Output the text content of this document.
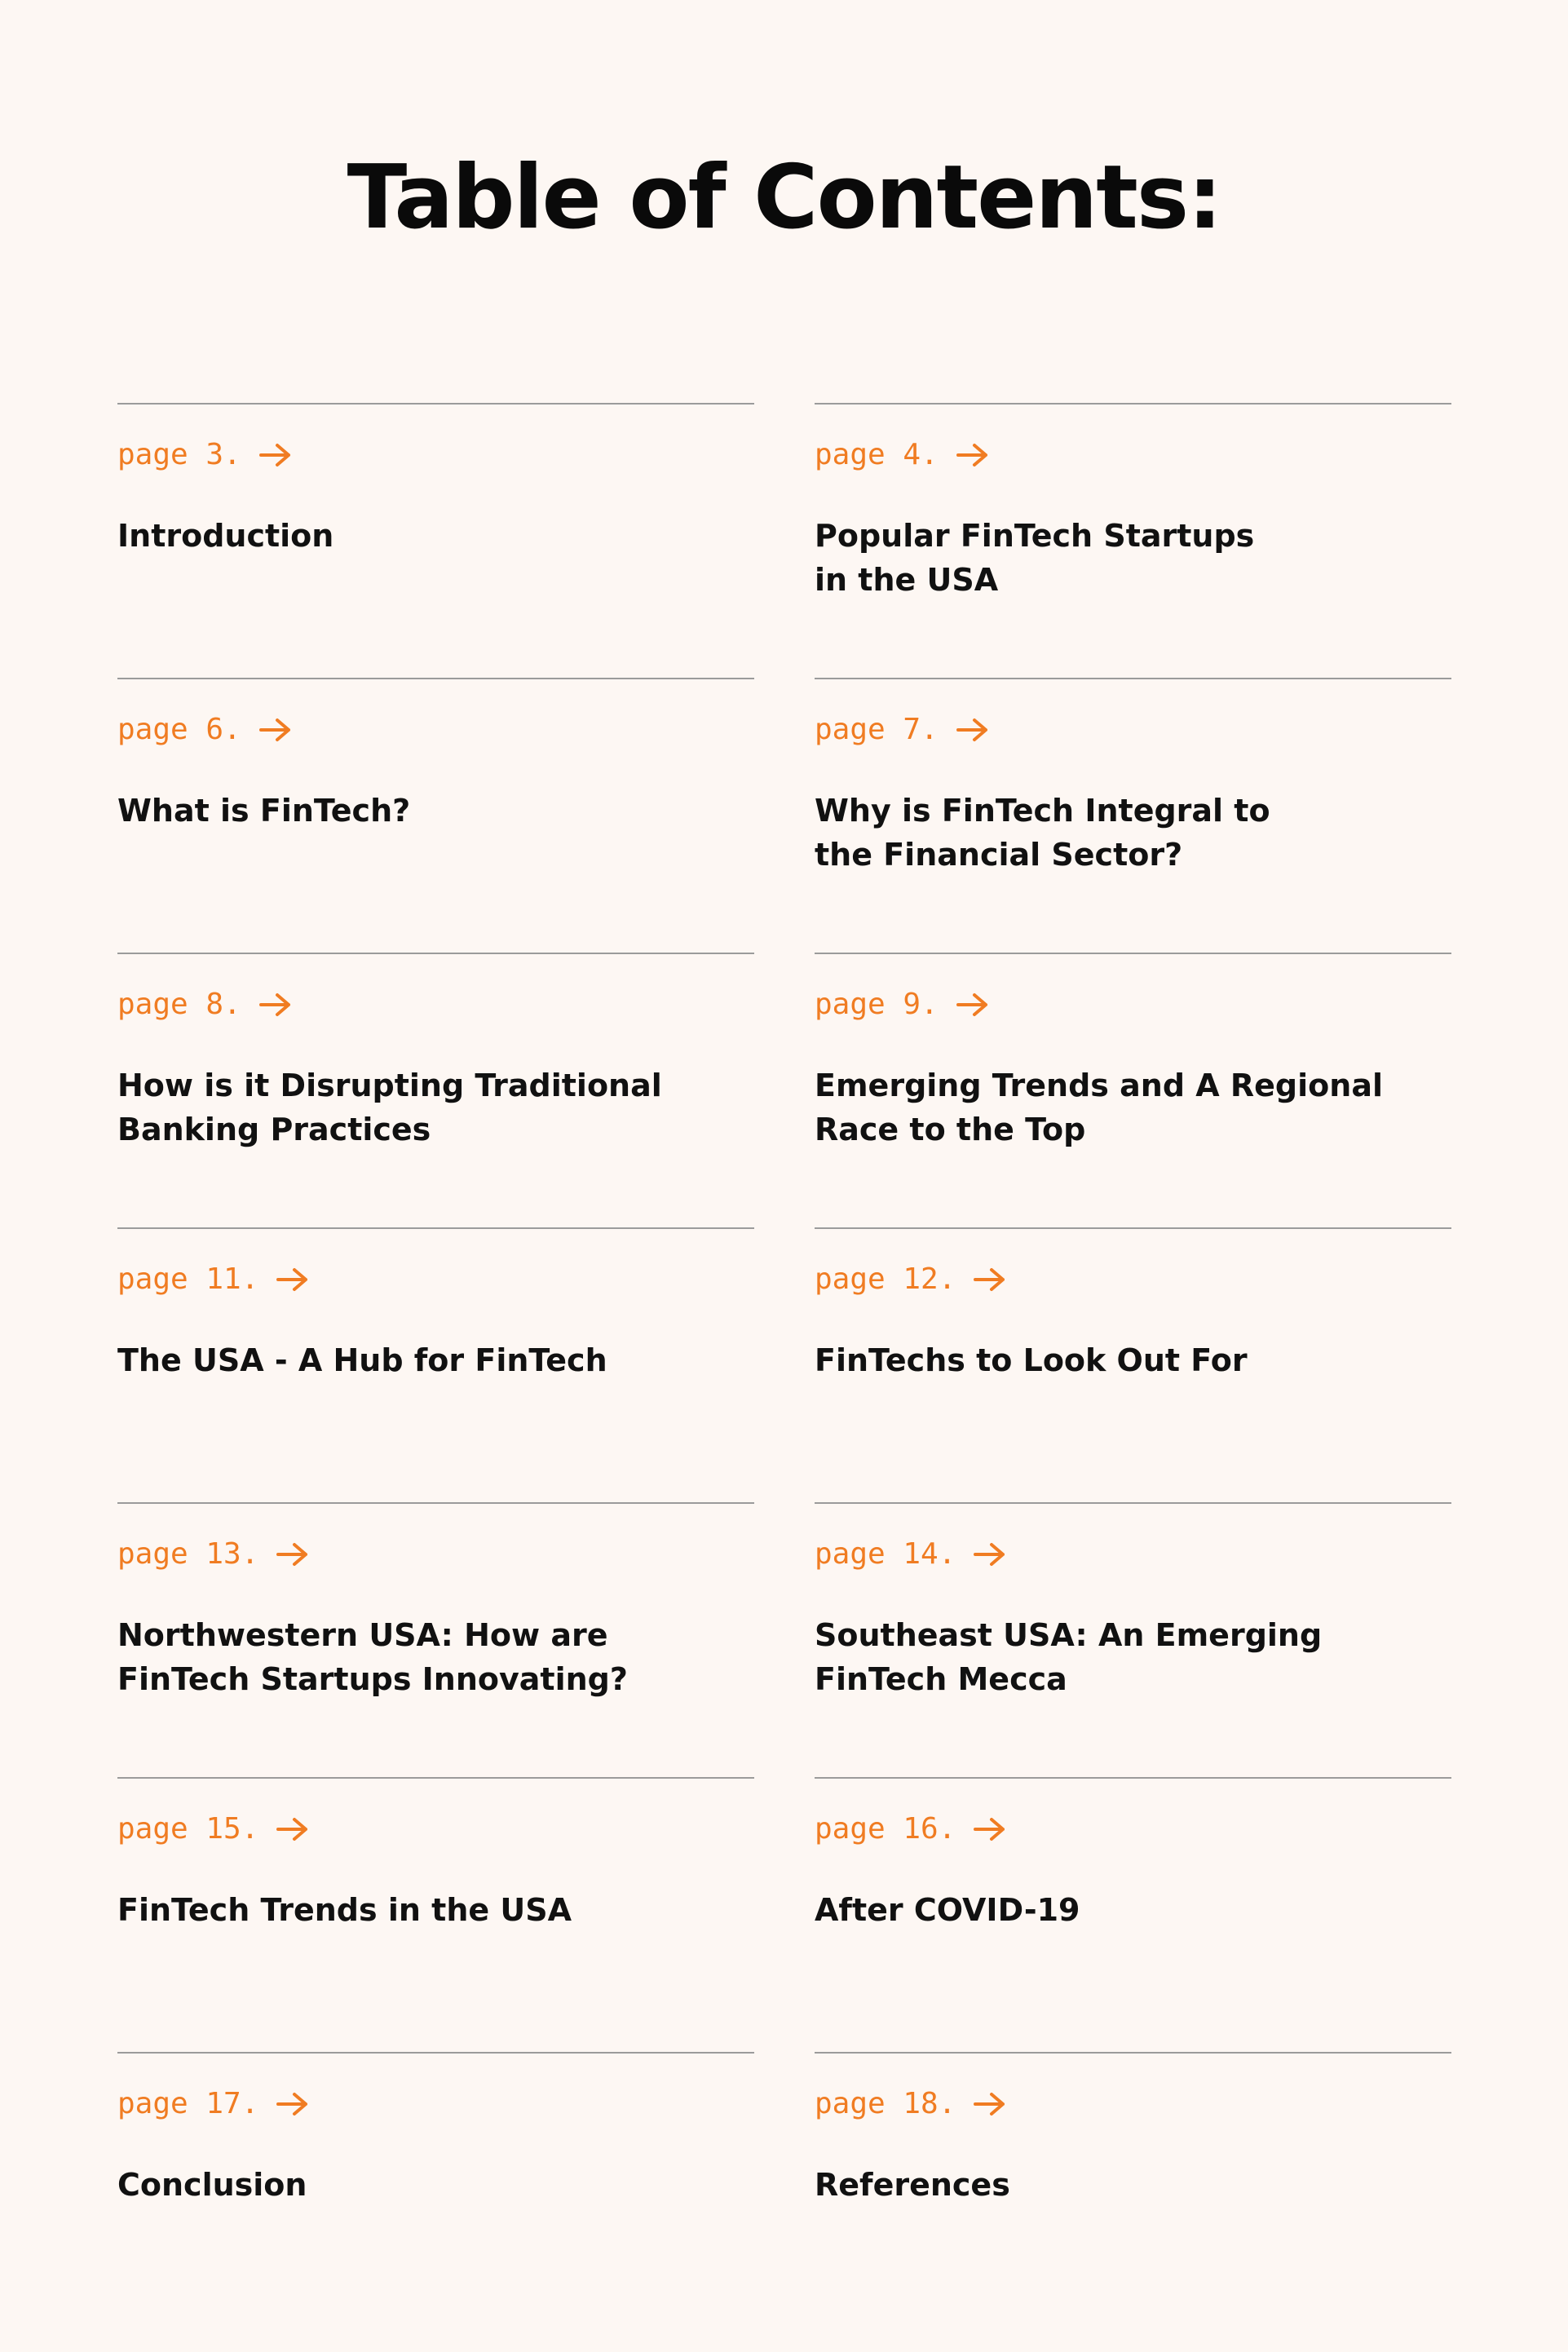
Table of Contents:
page 3.

Introduction

page 4.

Popular FinTech Startups
in the USA

page 6.

What is FinTech?

page 7.

Why is FinTech Integral to
the Financial Sector?

page 8.

How is it Disrupting Traditional
Banking Practices

page 9.

Emerging Trends and A Regional
Race to the Top

page 11.

The USA - A Hub for FinTech

page 12.

FinTechs to Look Out For

page 13.

Northwestern USA: How are
FinTech Startups Innovating?

page 14.

Southeast USA: An Emerging
FinTech Mecca

page 15.

FinTech Trends in the USA

page 16.

After COVID-19

page 17.

Conclusion

page 18.

References
